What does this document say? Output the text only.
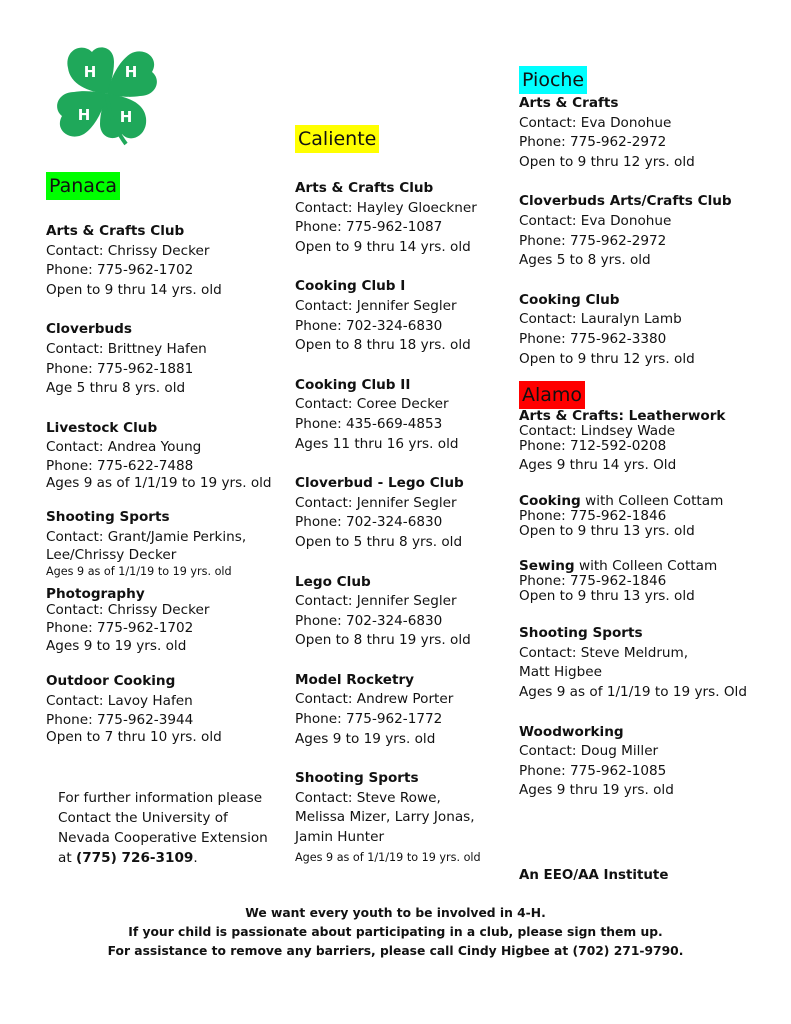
H H
H
H
Panaca
Arts & Crafts Club
Contact: Chrissy Decker
Phone: 775-962-1702
Open to 9 thru 14 yrs. old
Cloverbuds
Contact: Brittney Hafen
Phone: 775-962-1881
Age 5 thru 8 yrs. old
Livestock Club
Contact: Andrea Young
Phone: 775-622-7488
Ages 9 as of 1/1/19 to 19 yrs. old
Shooting Sports
Contact: Grant/Jamie Perkins,
Lee/Chrissy Decker
Ages 9 as of 1/1/19 to 19 yrs. old
Photography
Contact: Chrissy Decker
Phone: 775-962-1702
Ages 9 to 19 yrs. old
Outdoor Cooking
Contact: Lavoy Hafen
Phone: 775-962-3944
Open to 7 thru 10 yrs. old
For further information please Contact the University of Nevada Cooperative Extension at (775) 726-3109.
Caliente
Arts & Crafts Club
Contact: Hayley Gloeckner
Phone: 775-962-1087
Open to 9 thru 14 yrs. old
Cooking Club I
Contact: Jennifer Segler
Phone: 702-324-6830
Open to 8 thru 18 yrs. old
Cooking Club II
Contact: Coree Decker
Phone: 435-669-4853
Ages 11 thru 16 yrs. old
Cloverbud - Lego Club
Contact: Jennifer Segler
Phone: 702-324-6830
Open to 5 thru 8 yrs. old
Lego Club
Contact: Jennifer Segler
Phone: 702-324-6830
Open to 8 thru 19 yrs. old
Model Rocketry
Contact: Andrew Porter
Phone: 775-962-1772
Ages 9 to 19 yrs. old
Shooting Sports
Contact: Steve Rowe,
Melissa Mizer, Larry Jonas,
Jamin Hunter
Ages 9 as of 1/1/19 to 19 yrs. old
Pioche
Arts & Crafts
Contact: Eva Donohue
Phone: 775-962-2972
Open to 9 thru 12 yrs. old
Cloverbuds Arts/Crafts Club
Contact: Eva Donohue
Phone: 775-962-2972
Ages 5 to 8 yrs. old
Cooking Club
Contact: Lauralyn Lamb
Phone: 775-962-3380
Open to 9 thru 12 yrs. old
Alamo
Arts & Crafts: Leatherwork
Contact: Lindsey Wade
Phone: 712-592-0208
Ages 9 thru 14 yrs. Old
Cooking with Colleen Cottam
Phone: 775-962-1846
Open to 9 thru 13 yrs. old
Sewing with Colleen Cottam
Phone: 775-962-1846
Open to 9 thru 13 yrs. old
Shooting Sports
Contact: Steve Meldrum,
Matt Higbee
Ages 9 as of 1/1/19 to 19 yrs. Old
Woodworking
Contact: Doug Miller
Phone: 775-962-1085
Ages 9 thru 19 yrs. old
An EEO/AA Institute
We want every youth to be involved in 4-H.
If your child is passionate about participating in a club, please sign them up.
For assistance to remove any barriers, please call Cindy Higbee at (702) 271-9790.
